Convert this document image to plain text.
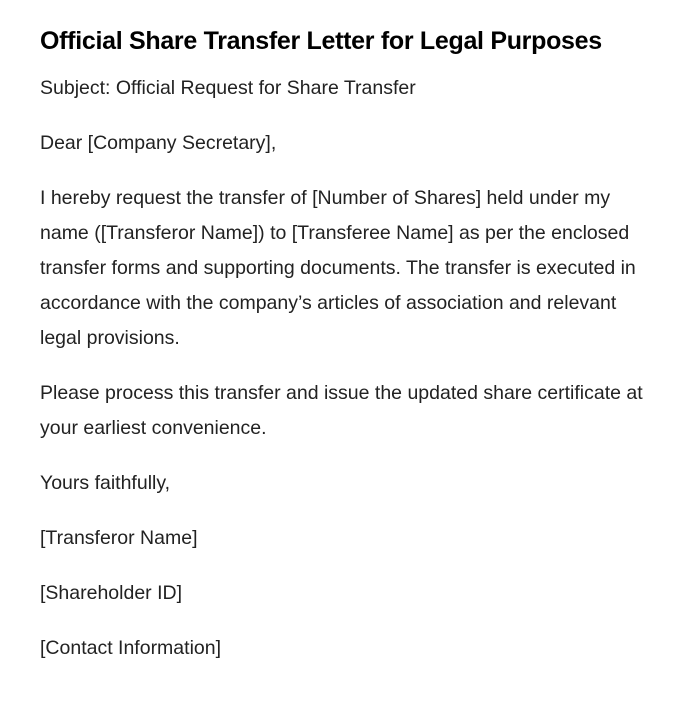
Official Share Transfer Letter for Legal Purposes

Subject: Official Request for Share Transfer

Dear [Company Secretary],

I hereby request the transfer of [Number of Shares] held under my name ([Transferor Name]) to [Transferee Name] as per the enclosed transfer forms and supporting documents. The transfer is executed in accordance with the company’s articles of association and relevant legal provisions.

Please process this transfer and issue the updated share certificate at your earliest convenience.

Yours faithfully,

[Transferor Name]

[Shareholder ID]

[Contact Information]
